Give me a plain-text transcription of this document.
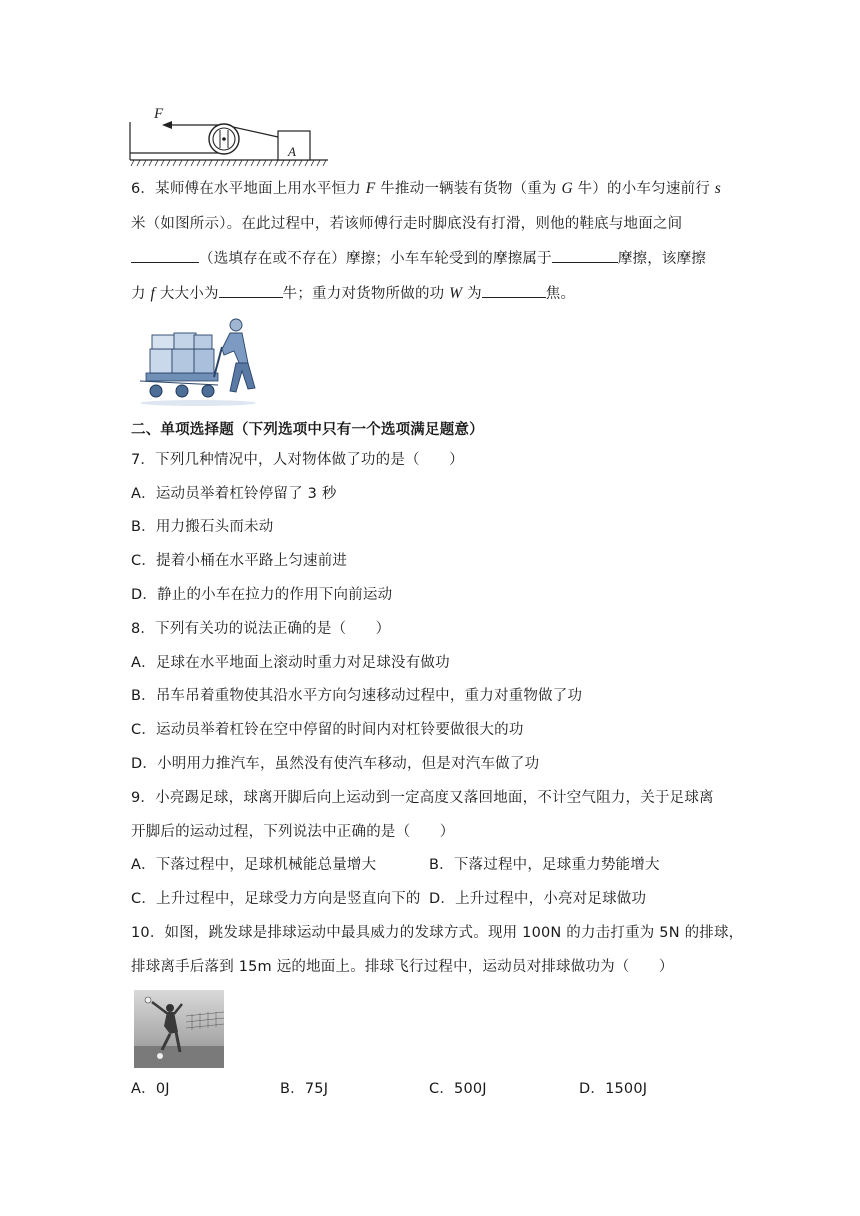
F
A
6．某师傅在水平地面上用水平恒力 F 牛推动一辆装有货物（重为 G 牛）的小车匀速前行 s
米（如图所示）。在此过程中，若该师傅行走时脚底没有打滑，则他的鞋底与地面之间
（选填存在或不存在）摩擦；小车车轮受到的摩擦属于	摩擦，该摩擦
力 f 大大小为	牛；重力对货物所做的功 W 为	焦。
二、单项选择题（下列选项中只有一个选项满足题意）
7．下列几种情况中，人对物体做了功的是（　　）
A．运动员举着杠铃停留了 3 秒
B．用力搬石头而未动
C．提着小桶在水平路上匀速前进
D．静止的小车在拉力的作用下向前运动
8．下列有关功的说法正确的是（　　）
A．足球在水平地面上滚动时重力对足球没有做功
B．吊车吊着重物使其沿水平方向匀速移动过程中，重力对重物做了功
C．运动员举着杠铃在空中停留的时间内对杠铃要做很大的功
D．小明用力推汽车，虽然没有使汽车移动，但是对汽车做了功
9．小亮踢足球，球离开脚后向上运动到一定高度又落回地面，不计空气阻力，关于足球离
开脚后的运动过程，下列说法中正确的是（　　）
A．下落过程中，足球机械能总量增大	B．下落过程中，足球重力势能增大
C．上升过程中，足球受力方向是竖直向下的 D．上升过程中，小亮对足球做功
10．如图，跳发球是排球运动中最具威力的发球方式。现用 100N 的力击打重为 5N 的排球，
排球离手后落到 15m 远的地面上。排球飞行过程中，运动员对排球做功为（　　）
A．0J	B．75J	C．500J	D．1500J
